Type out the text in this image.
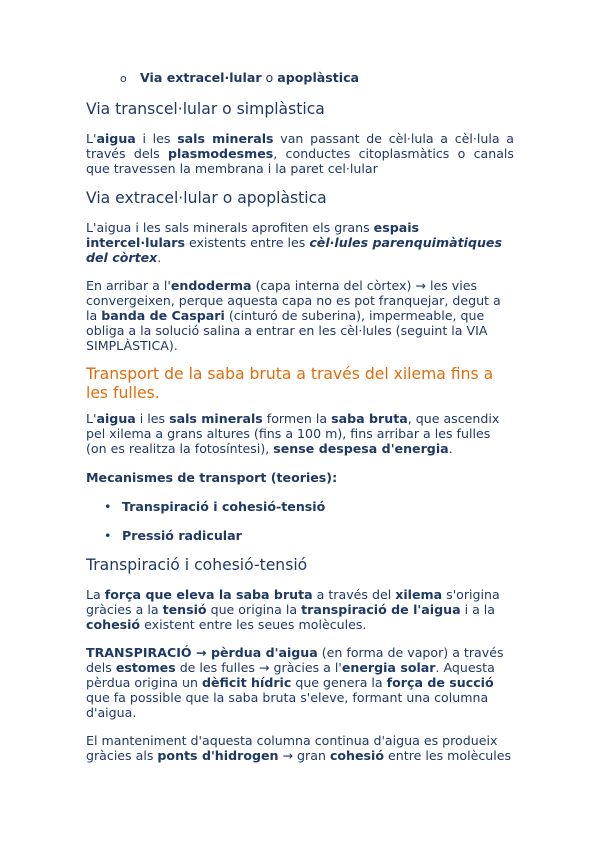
o Via extracel·lular o apoplàstica
Via transcel·lular o simplàstica

L'aigua i les sals minerals van passant de cèl·lula a cèl·lula a través dels plasmodesmes, conductes citoplasmàtics o canals que travessen la membrana i la paret cel·lular

Via extracel·lular o apoplàstica

L'aigua i les sals minerals aprofiten els grans espais intercel·lulars existents entre les cèl·lules parenquimàtiques del còrtex.

En arribar a l'endoderma (capa interna del còrtex) → les vies convergeixen, perque aquesta capa no es pot franquejar, degut a la banda de Caspari (cinturó de suberina), impermeable, que obliga a la solució salina a entrar en les cèl·lules (seguint la VIA SIMPLÀSTICA).

Transport de la saba bruta a través del xilema fins a les fulles.

L'aigua i les sals minerals formen la saba bruta, que ascendix pel xilema a grans altures (fins a 100 m), fins arribar a les fulles (on es realitza la fotosíntesi), sense despesa d'energia.

Mecanismes de transport (teories):

• Transpiració i cohesió-tensió
• Pressió radicular
Transpiració i cohesió-tensió

La força que eleva la saba bruta a través del xilema s'origina gràcies a la tensió que origina la transpiració de l'aigua i a la cohesió existent entre les seues molècules.

TRANSPIRACIÓ → pèrdua d'aigua (en forma de vapor) a través dels estomes de les fulles → gràcies a l'energia solar. Aquesta pèrdua origina un dèficit hídric que genera la força de succió que fa possible que la saba bruta s'eleve, formant una columna d'aigua.

El manteniment d'aquesta columna continua d'aigua es produeix gràcies als ponts d'hidrogen → gran cohesió entre les molècules
